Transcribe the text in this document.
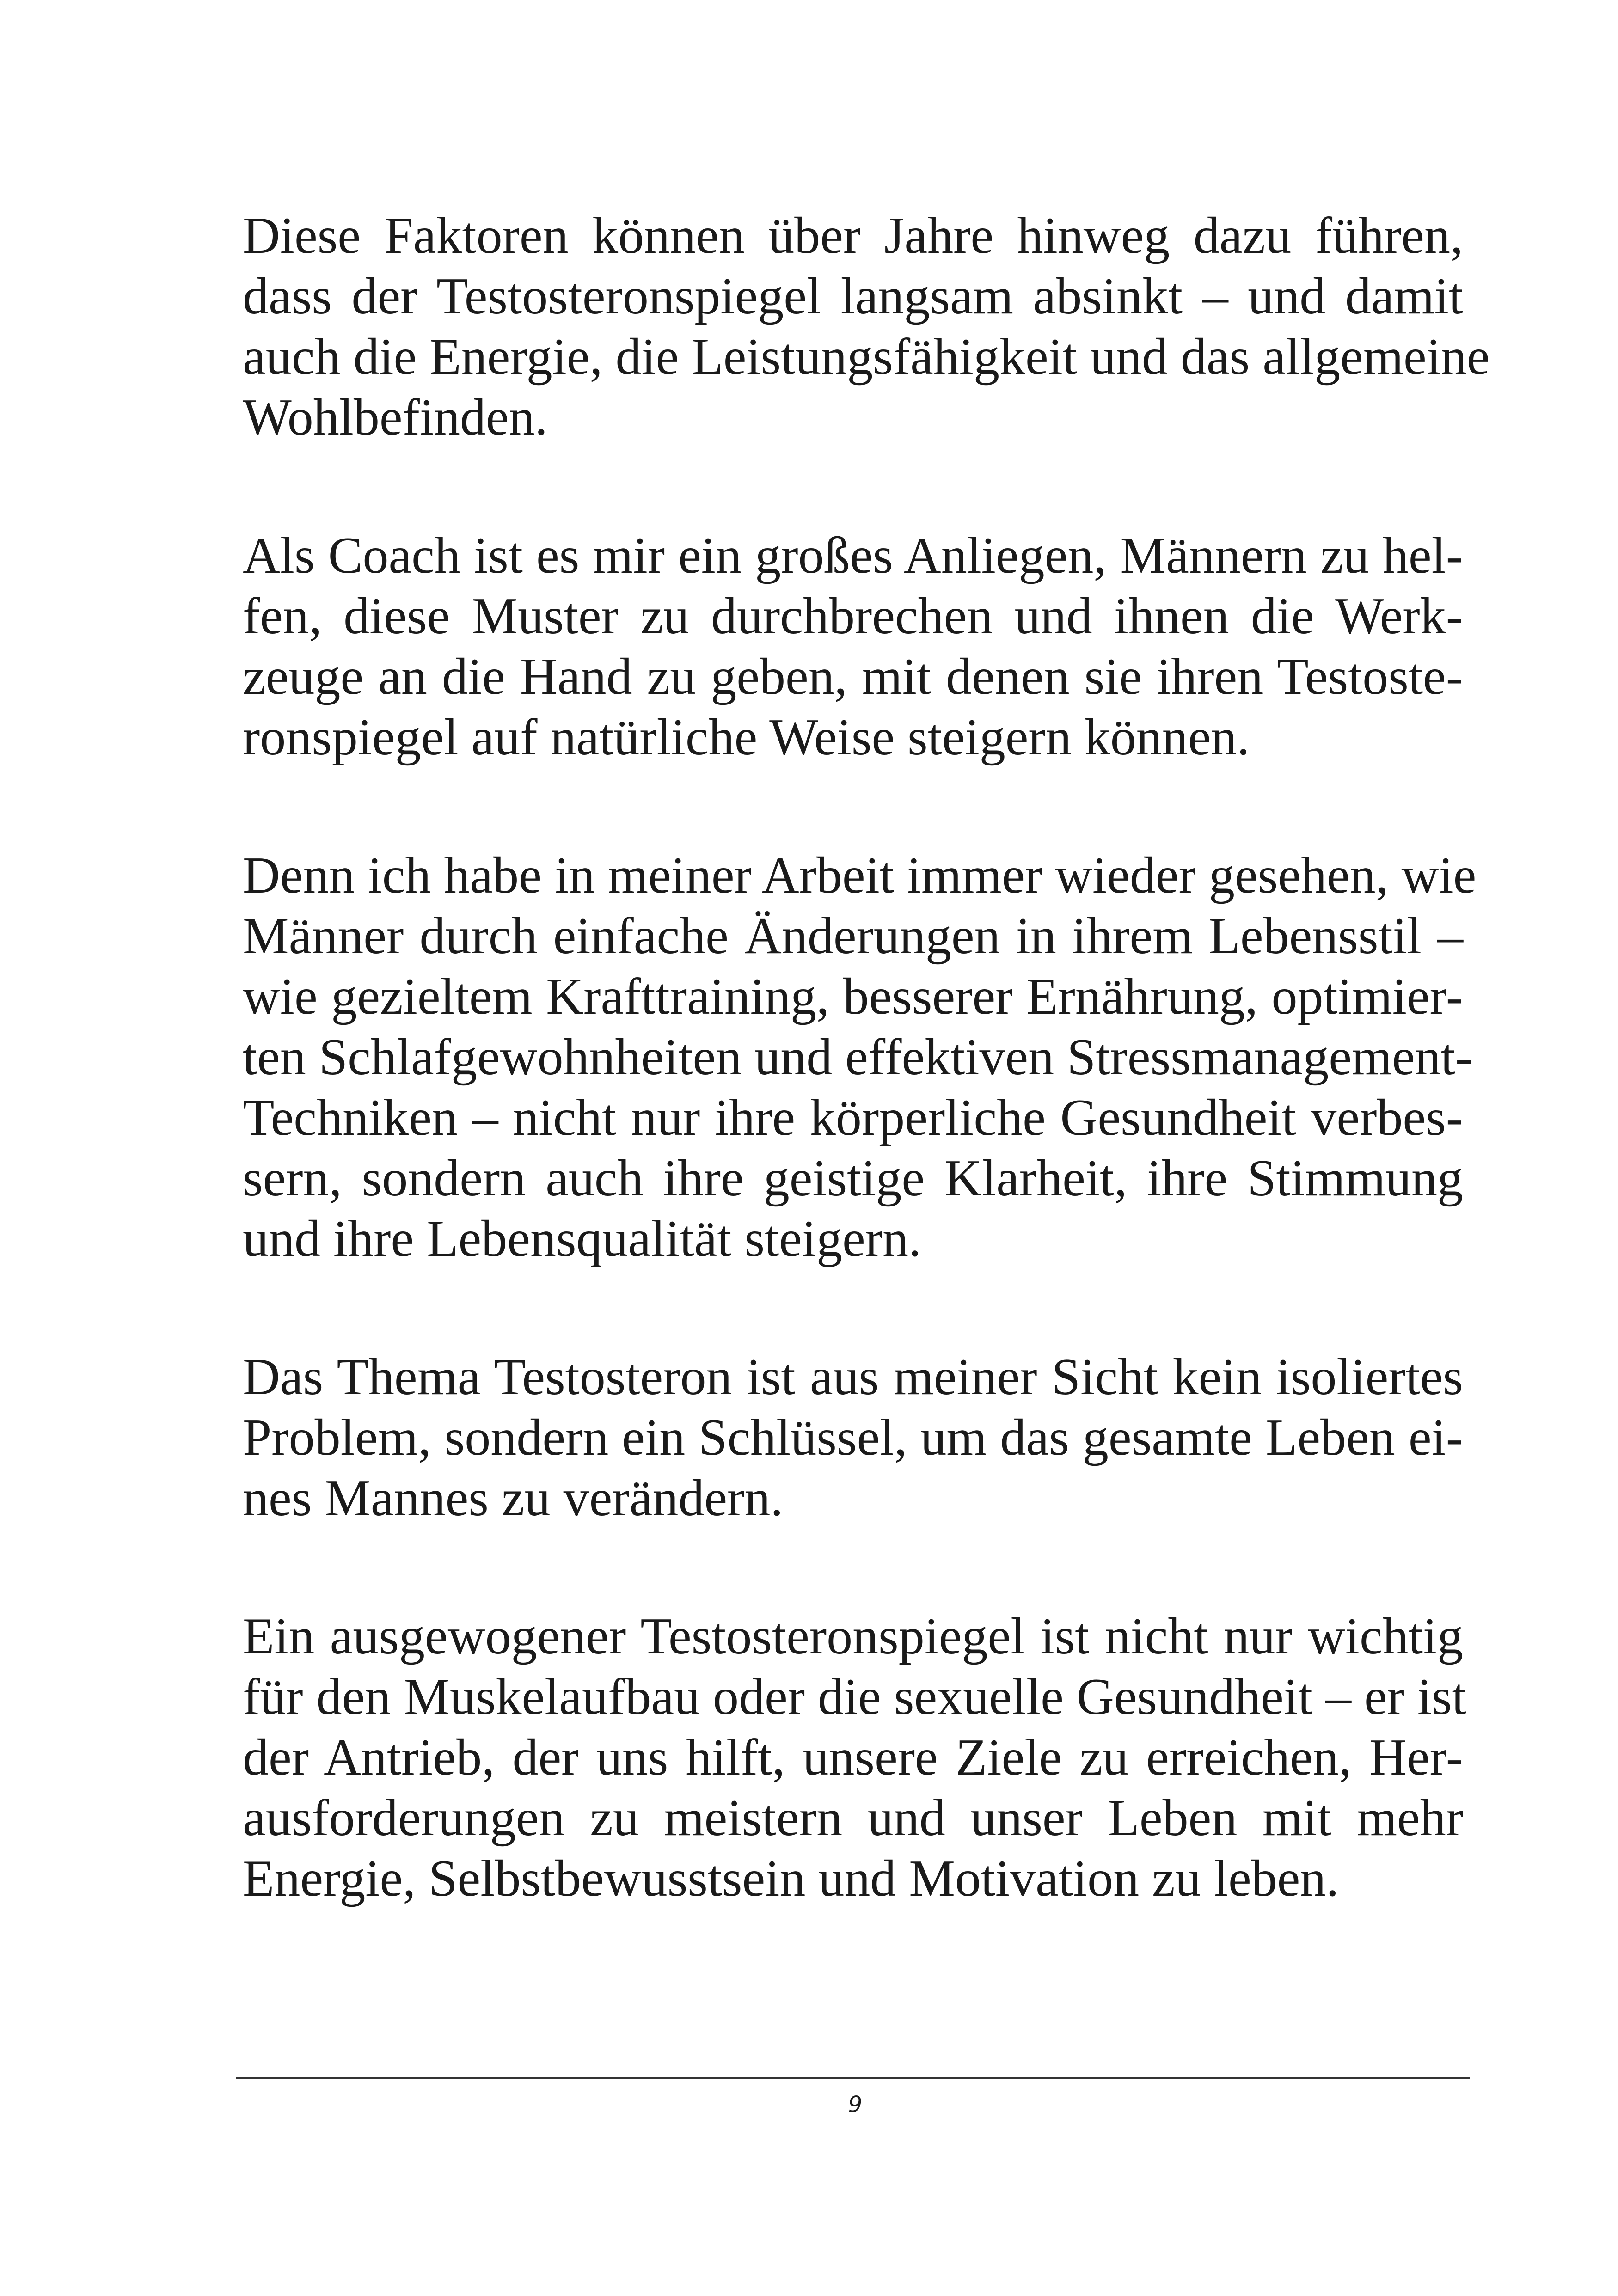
Diese Faktoren können über Jahre hinweg dazu führen,
dass der Testosteronspiegel langsam absinkt – und damit
auch die Energie, die Leistungsfähigkeit und das allgemeine
Wohlbefinden.

Als Coach ist es mir ein großes Anliegen, Männern zu hel-
fen, diese Muster zu durchbrechen und ihnen die Werk-
zeuge an die Hand zu geben, mit denen sie ihren Testoste-
ronspiegel auf natürliche Weise steigern können.

Denn ich habe in meiner Arbeit immer wieder gesehen, wie
Männer durch einfache Änderungen in ihrem Lebensstil –
wie gezieltem Krafttraining, besserer Ernährung, optimier-
ten Schlafgewohnheiten und effektiven Stressmanagement-
Techniken – nicht nur ihre körperliche Gesundheit verbes-
sern, sondern auch ihre geistige Klarheit, ihre Stimmung
und ihre Lebensqualität steigern.

Das Thema Testosteron ist aus meiner Sicht kein isoliertes
Problem, sondern ein Schlüssel, um das gesamte Leben ei-
nes Mannes zu verändern.

Ein ausgewogener Testosteronspiegel ist nicht nur wichtig
für den Muskelaufbau oder die sexuelle Gesundheit – er ist
der Antrieb, der uns hilft, unsere Ziele zu erreichen, Her-
ausforderungen zu meistern und unser Leben mit mehr
Energie, Selbstbewusstsein und Motivation zu leben.

9
